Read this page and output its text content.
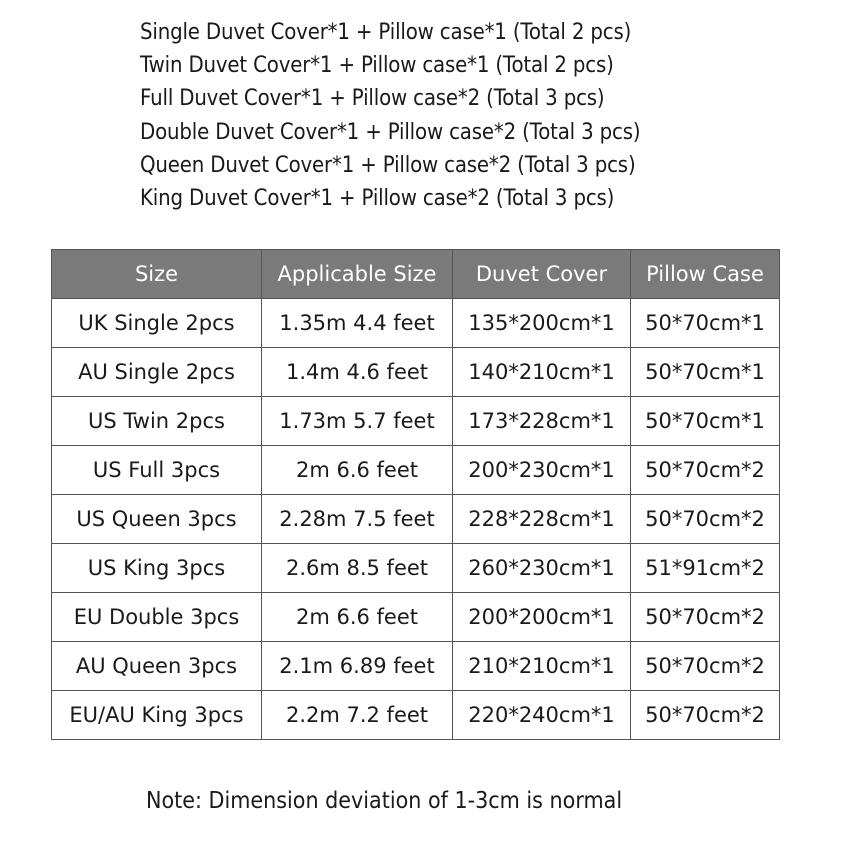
Single Duvet Cover*1 + Pillow case*1 (Total 2 pcs)
Twin Duvet Cover*1 + Pillow case*1 (Total 2 pcs)
Full Duvet Cover*1 + Pillow case*2 (Total 3 pcs)
Double Duvet Cover*1 + Pillow case*2 (Total 3 pcs)
Queen Duvet Cover*1 + Pillow case*2 (Total 3 pcs)
King Duvet Cover*1 + Pillow case*2 (Total 3 pcs)
Size	Applicable Size	Duvet Cover	Pillow Case
UK Single 2pcs	1.35m 4.4 feet	135*200cm*1	50*70cm*1
AU Single 2pcs	1.4m 4.6 feet	140*210cm*1	50*70cm*1
US Twin 2pcs	1.73m 5.7 feet	173*228cm*1	50*70cm*1
US Full 3pcs	2m 6.6 feet	200*230cm*1	50*70cm*2
US Queen 3pcs	2.28m 7.5 feet	228*228cm*1	50*70cm*2
US King 3pcs	2.6m 8.5 feet	260*230cm*1	51*91cm*2
EU Double 3pcs	2m 6.6 feet	200*200cm*1	50*70cm*2
AU Queen 3pcs	2.1m 6.89 feet	210*210cm*1	50*70cm*2
EU/AU King 3pcs	2.2m 7.2 feet	220*240cm*1	50*70cm*2
Note: Dimension deviation of 1-3cm is normal
